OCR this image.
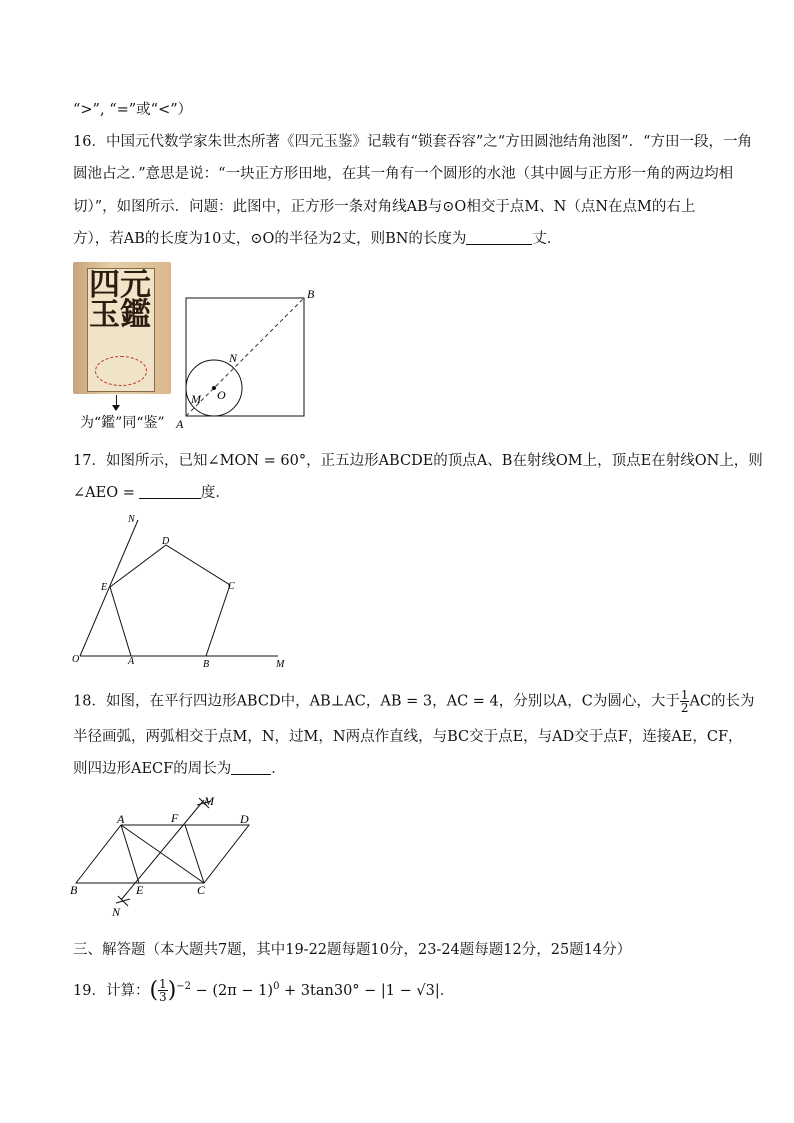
“>”, “=”或“<”）
16．中国元代数学家朱世杰所著《四元玉鉴》记载有“锁套吞容”之“方田圆池结角池图”．“方田一段，一角
圆池占之．”意思是说：“一块正方形田地，在其一角有一个圆形的水池（其中圆与正方形一角的两边均相
切）”，如图所示．问题：此图中，正方形一条对角线AB与⊙O相交于点M、N（点N在点M的右上
方），若AB的长度为10丈，⊙O的半径为2丈，则BN的长度为	丈．
四元玉鑑
为“鑑”同“鉴”
B
N
O
M
A
17．如图所示，已知∠MON = 60°，正五边形ABCDE的顶点A、B在射线OM上，顶点E在射线ON上，则
∠AEO =	度．
N
D
C
E
O	A	B	M
18．如图，在平行四边形ABCD中，AB⊥AC，AB = 3，AC = 4，分别以A，C为圆心，大于 $\frac{1}{2}$ AC的长为
半径画弧，两弧相交于点M，N，过M，N两点作直线，与BC交于点E，与AD交于点F，连接AE，CF，
则四边形AECF的周长为	．
A	F	D
M
B	E	C
N
三、解答题（本大题共7题，其中19-22题每题10分，23-24题每题12分，25题14分）
19．计算：( $\frac{1}{3} )^{-2} - (2\pi - 1)^0 + 3\tan 30^\circ - |1 - √3|$．
